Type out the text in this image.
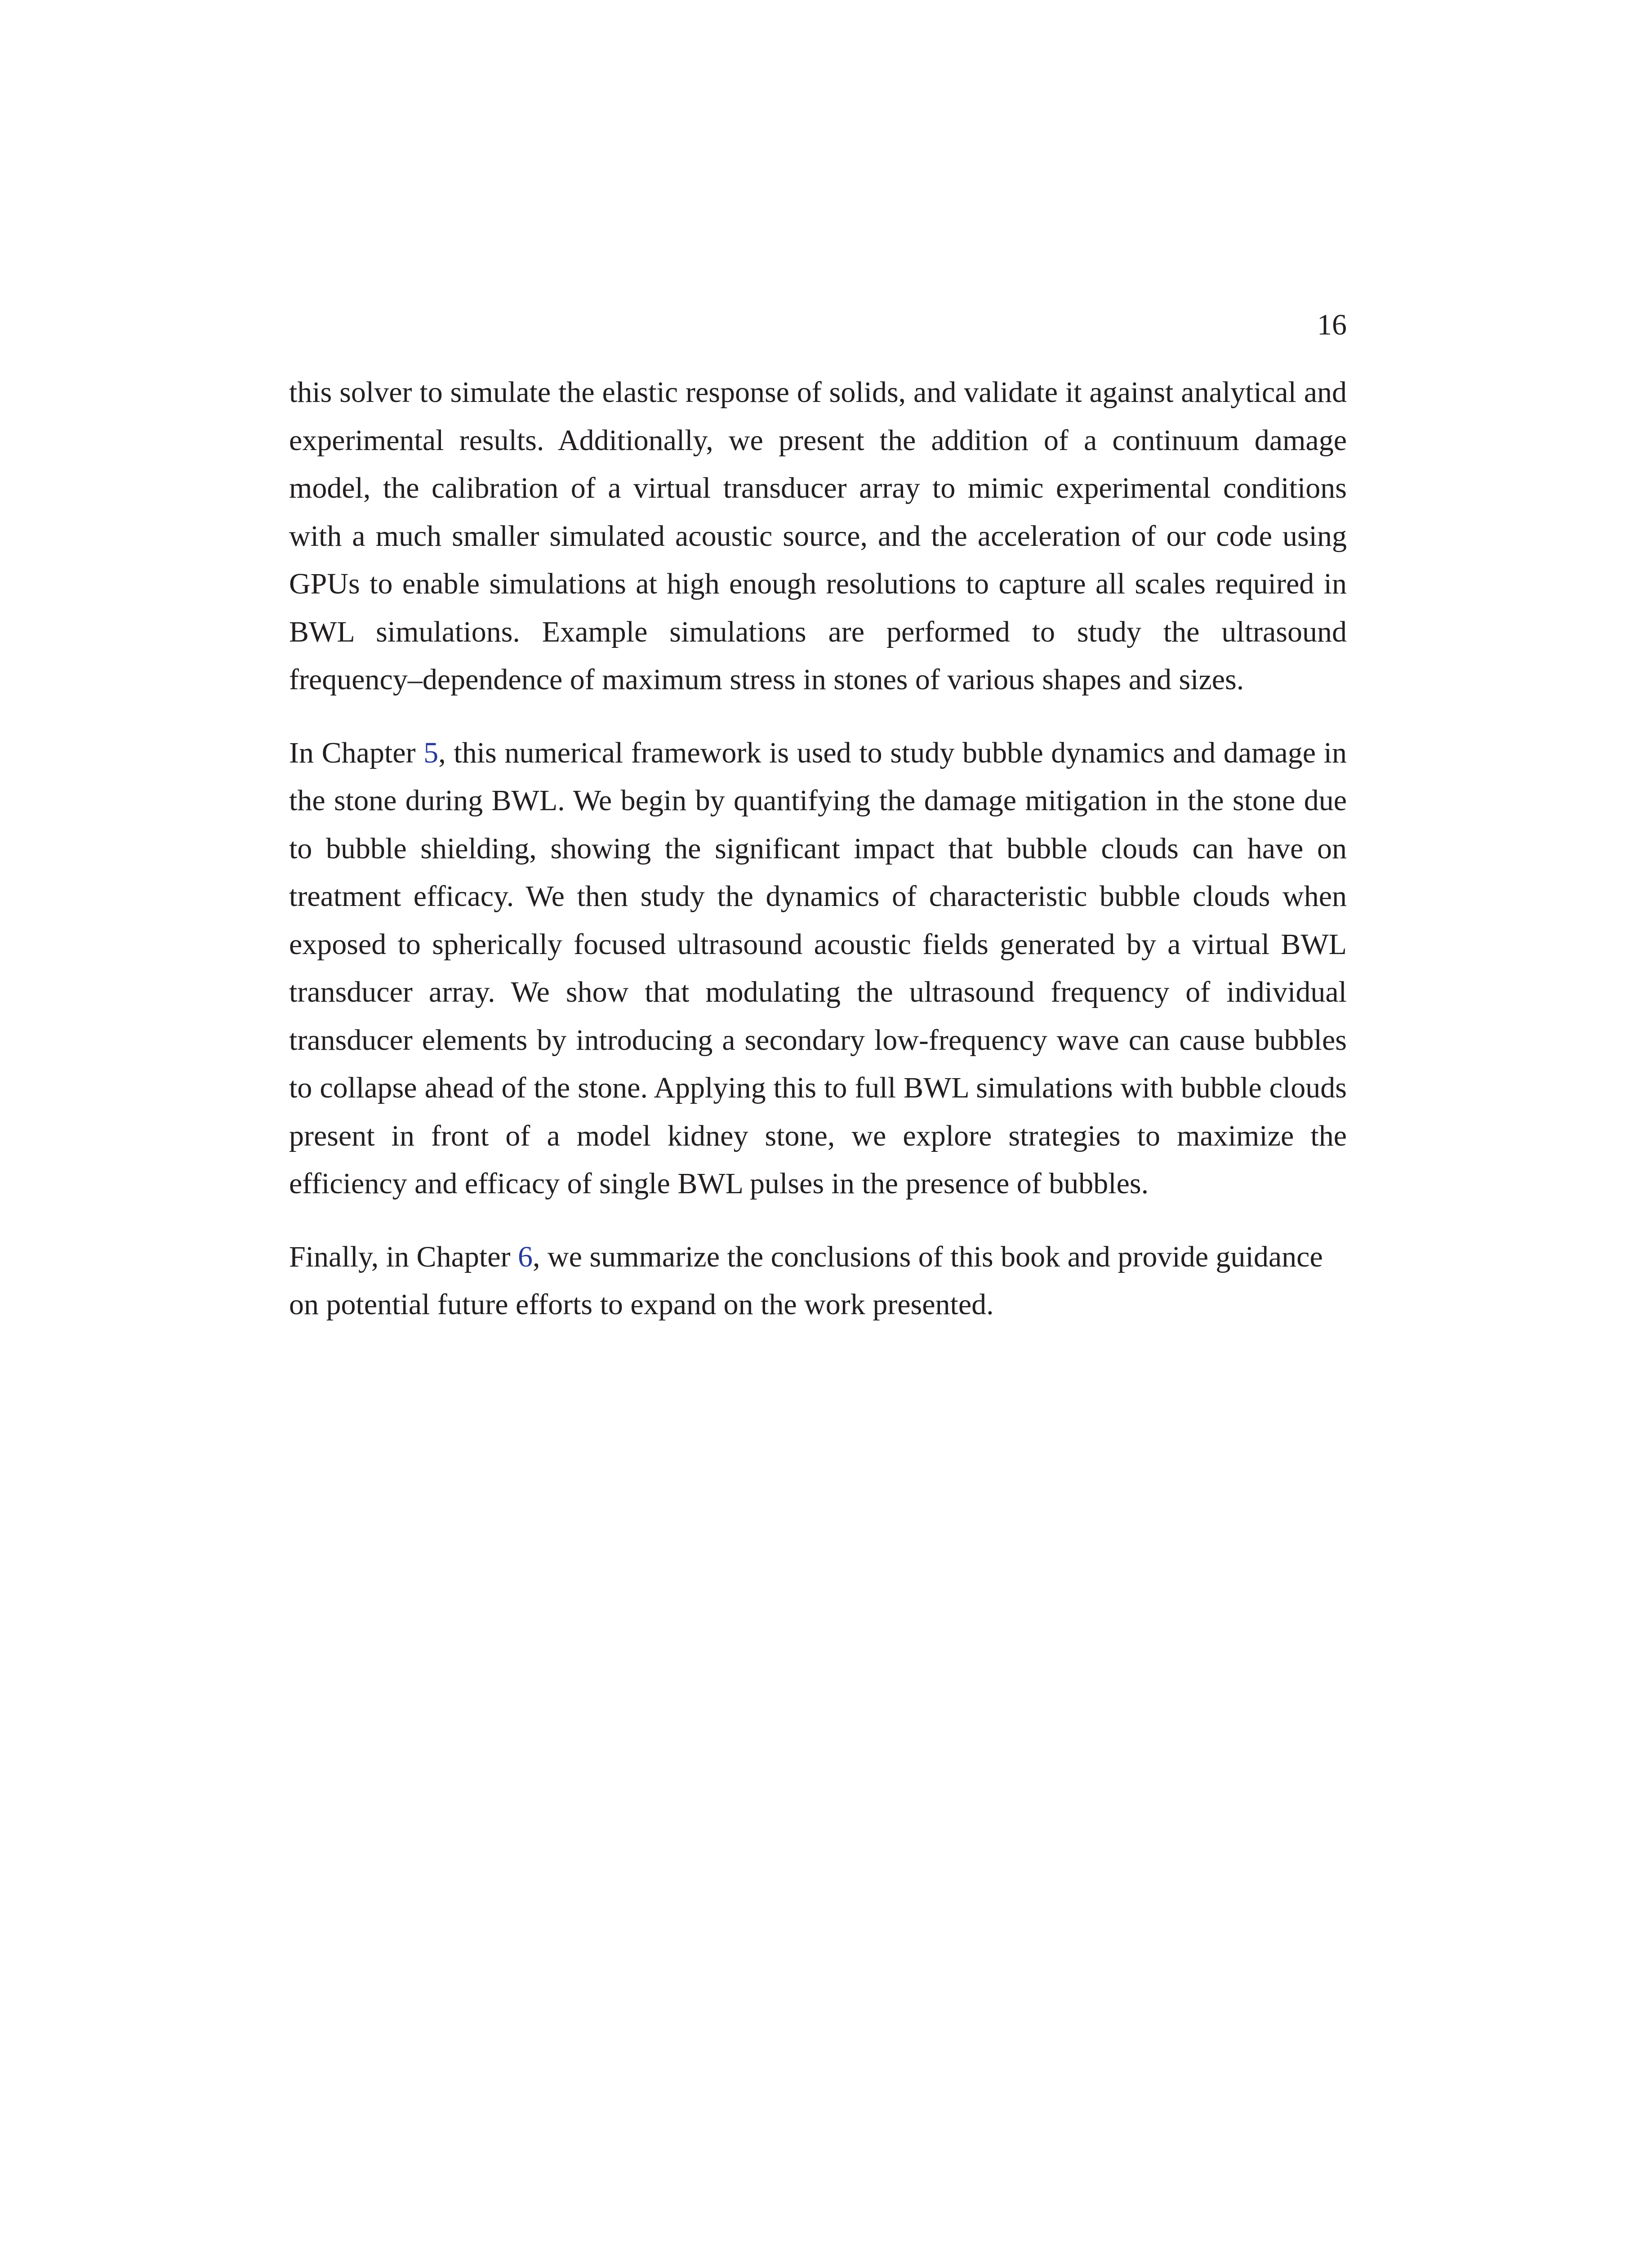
16

this solver to simulate the elastic response of solids, and validate it against analytical and experimental results. Additionally, we present the addition of a continuum damage model, the calibration of a virtual transducer array to mimic experimental conditions with a much smaller simulated acoustic source, and the acceleration of our code using GPUs to enable simulations at high enough resolutions to capture all scales required in BWL simulations. Example simulations are performed to study the ultrasound frequency–dependence of maximum stress in stones of various shapes and sizes.

In Chapter 5, this numerical framework is used to study bubble dynamics and damage in the stone during BWL. We begin by quantifying the damage mitigation in the stone due to bubble shielding, showing the significant impact that bubble clouds can have on treatment efficacy. We then study the dynamics of characteristic bubble clouds when exposed to spherically focused ultrasound acoustic fields generated by a virtual BWL transducer array. We show that modulating the ultrasound frequency of individual transducer elements by introducing a secondary low-frequency wave can cause bubbles to collapse ahead of the stone. Applying this to full BWL simulations with bubble clouds present in front of a model kidney stone, we explore strategies to maximize the efficiency and efficacy of single BWL pulses in the presence of bubbles.

Finally, in Chapter 6, we summarize the conclusions of this book and provide guidance on potential future efforts to expand on the work presented.
